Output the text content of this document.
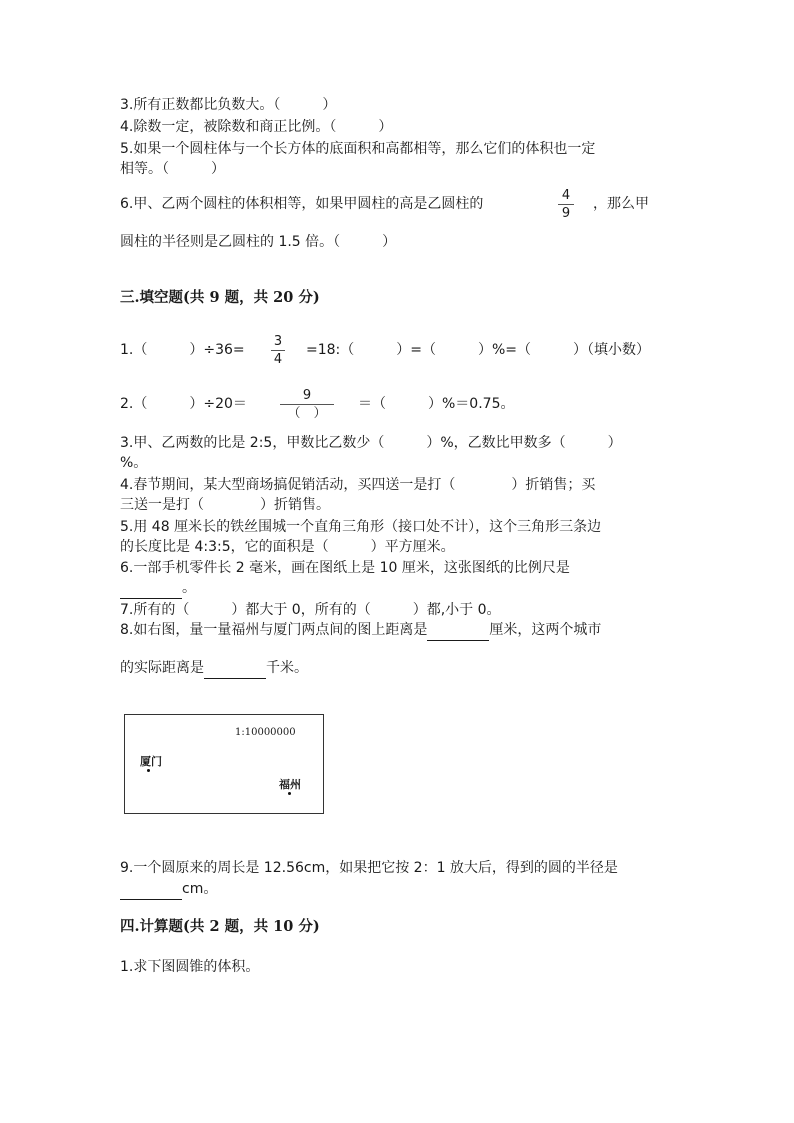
3.所有正数都比负数大。（　　　）
4.除数一定，被除数和商正比例。（　　　）
5.如果一个圆柱体与一个长方体的底面积和高都相等，那么它们的体积也一定
相等。（　　　）
6.甲、乙两个圆柱的体积相等，如果甲圆柱的高是乙圆柱的
4
9
，那么甲
圆柱的半径则是乙圆柱的 1.5 倍。（　　　）
三.填空题(共 9 题，共 20 分)
1.（　　　）÷36=
3
4
=18:（　　　）=（　　　）%=（　　　）（填小数）
2.（　　　）÷20＝
9
（　）
＝（　　　）%＝0.75。
3.甲、乙两数的比是 2:5，甲数比乙数少（　　　）%，乙数比甲数多（　　　）
%。
4.春节期间，某大型商场搞促销活动，买四送一是打（　　　　）折销售；买
三送一是打（　　　　）折销售。
5.用 48 厘米长的铁丝围城一个直角三角形（接口处不计），这个三角形三条边
的长度比是 4:3:5，它的面积是（　　　）平方厘米。
6.一部手机零件长 2 毫米，画在图纸上是 10 厘米，这张图纸的比例尺是
。
7.所有的（　　　）都大于 0，所有的（　　　）都,小于 0。
8.如右图，量一量福州与厦门两点间的图上距离是	厘米，这两个城市
的实际距离是	千米。
1:10000000
厦门
福州
9.一个圆原来的周长是 12.56cm，如果把它按 2：1 放大后，得到的圆的半径是
cm。
四.计算题(共 2 题，共 10 分)
1.求下图圆锥的体积。
